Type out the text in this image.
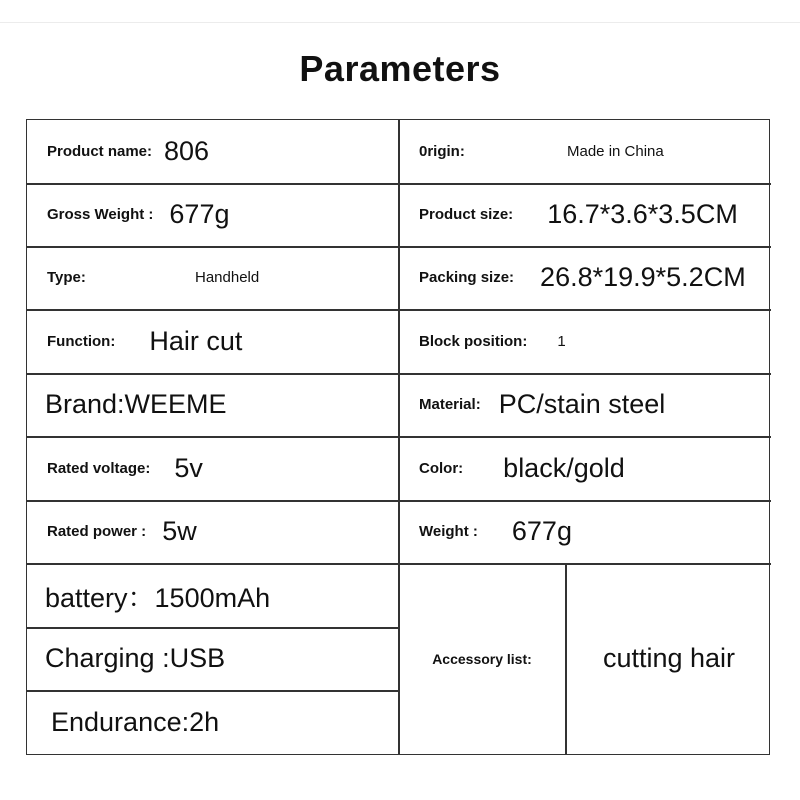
Parameters
Product name: 806	0rigin:	Made in China
Gross Weight : 677g	Product size: 16.7*3.6*3.5CM
Type:	Handheld	Packing size: 26.8*19.9*5.2CM
Function: Hair cut	Block position: 1
Brand:WEEME	Material: PC/stain steel
Rated voltage: 5v	Color: black/gold
Rated power : 5w	Weight : 677g
battery：1500mAh
Charging :USB
Endurance:2h
Accessory list:	cutting hair
